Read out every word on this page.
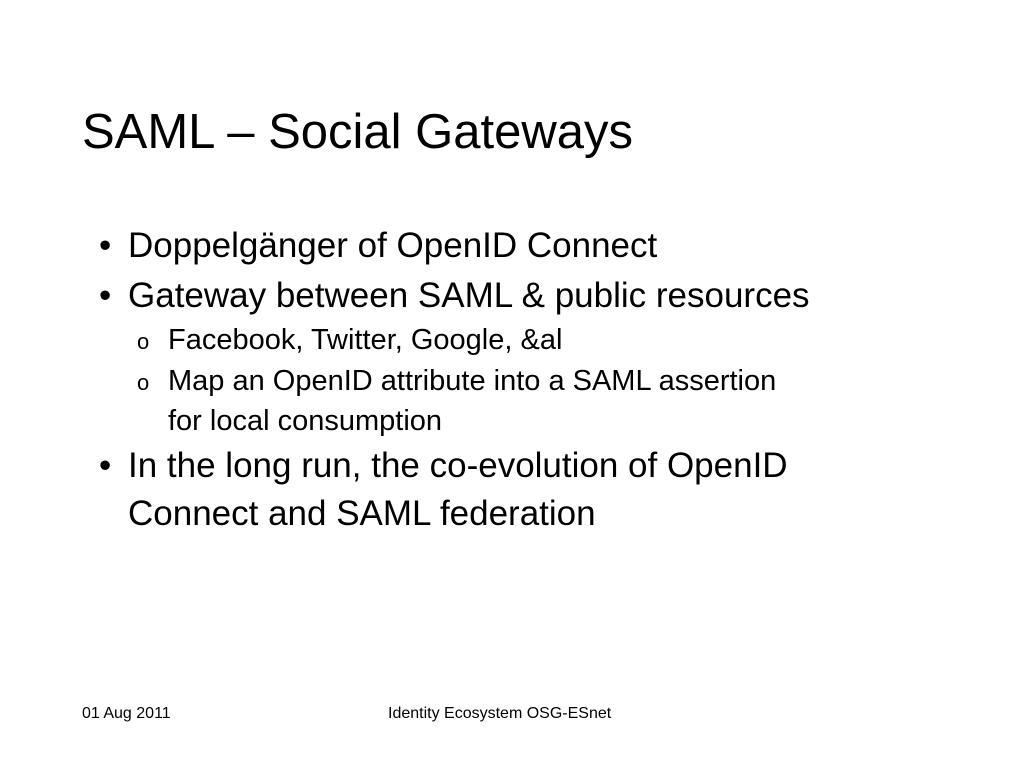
SAML – Social Gateways
• Doppelgänger of OpenID Connect
• Gateway between SAML & public resources
o Facebook, Twitter, Google, &al
o Map an OpenID attribute into a SAML assertion
for local consumption
• In the long run, the co-evolution of OpenID
Connect and SAML federation
01 Aug 2011	Identity Ecosystem OSG-ESnet
